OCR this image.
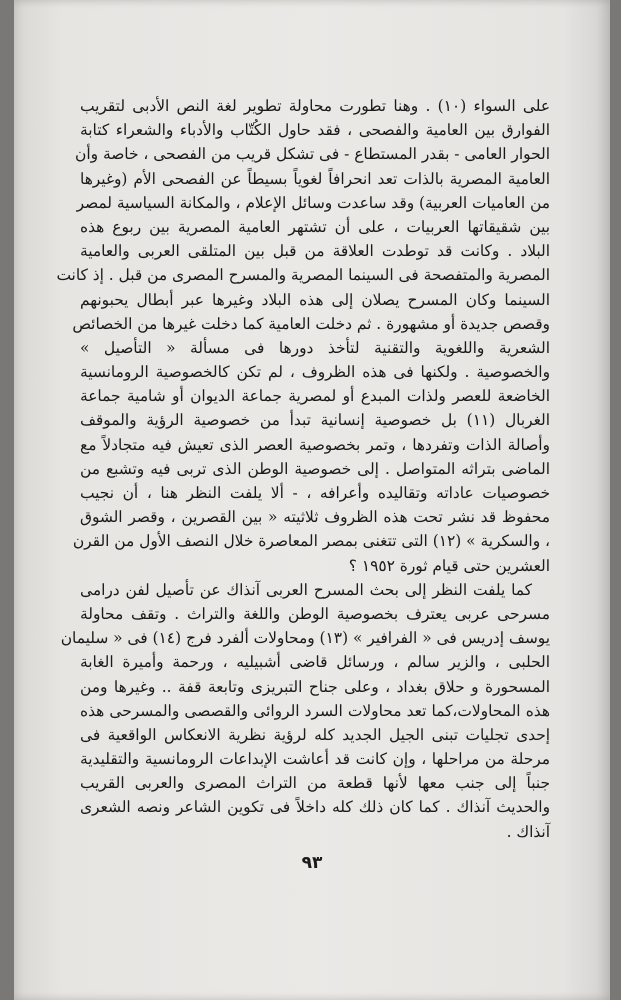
على السواء (١٠) . وهنا تطورت محاولة تطوير لغة النص الأدبى لتقريب
الفوارق بين العامية والفصحى ، فقد حاول الكُتّاب والأدباء والشعراء كتابة
الحوار العامى - بقدر المستطاع - فى تشكل قريب من الفصحى ، خاصة وأن
العامية المصرية بالذات تعد انحرافاً لغوياً بسيطاً عن الفصحى الأم (وغيرها
من العاميات العربية) وقد ساعدت وسائل الإعلام ، والمكانة السياسية لمصر
بين شقيقاتها العربيات ، على أن تشتهر العامية المصرية بين ربوع هذه
البلاد . وكانت قد توطدت العلاقة من قبل بين المتلقى العربى والعامية
المصرية والمتفصحة فى السينما المصرية والمسرح المصرى من قبل . إذ كانت
السينما وكان المسرح يصلان إلى هذه البلاد وغيرها عبر أبطال يحبونهم
وقصص جديدة أو مشهورة . ثم دخلت العامية كما دخلت غيرها من الخصائص
الشعرية واللغوية والتقنية لتأخذ دورها فى مسألة « التأصيل »
والخصوصية . ولكنها فى هذه الظروف ، لم تكن كالخصوصية الرومانسية
الخاضعة للعصر ولذات المبدع أو لمصرية جماعة الديوان أو شامية جماعة
الغربال (١١) بل خصوصية إنسانية تبدأ من خصوصية الرؤية والموقف
وأصالة الذات وتفردها ، وتمر بخصوصية العصر الذى تعيش فيه متجادلاً مع
الماضى بتراثه المتواصل . إلى خصوصية الوطن الذى تربى فيه وتشبع من
خصوصيات عاداته وتقاليده وأعرافه ، - ألا يلفت النظر هنا ، أن نجيب
محفوظ قد نشر تحت هذه الظروف ثلاثيته « بين القصرين ، وقصر الشوق
، والسكرية » (١٢) التى تتغنى بمصر المعاصرة خلال النصف الأول من القرن
العشرين حتى قيام ثورة ١٩٥٢ ؟
كما يلفت النظر إلى بحث المسرح العربى آنذاك عن تأصيل لفن درامى
مسرحى عربى يعترف بخصوصية الوطن واللغة والتراث . وتقف محاولة
يوسف إدريس فى « الفرافير » (١٣) ومحاولات ألفرد فرج (١٤) فى « سليمان
الحلبى ، والزير سالم ، ورسائل قاضى أشبيليه ، ورحمة وأميرة الغابة
المسحورة و حلاق بغداد ، وعلى جناح التبريزى وتابعة قفة .. وغيرها ومن
هذه المحاولات،كما تعد محاولات السرد الروائى والقصصى والمسرحى هذه
إحدى تجليات تبنى الجيل الجديد كله لرؤية نظرية الانعكاس الواقعية فى
مرحلة من مراحلها ، وإن كانت قد أعاشت الإبداعات الرومانسية والتقليدية
جنباً إلى جنب معها لأنها قطعة من التراث المصرى والعربى القريب
والحديث آنذاك . كما كان ذلك كله داخلاً فى تكوين الشاعر ونصه الشعرى
آنذاك .
٩٣
